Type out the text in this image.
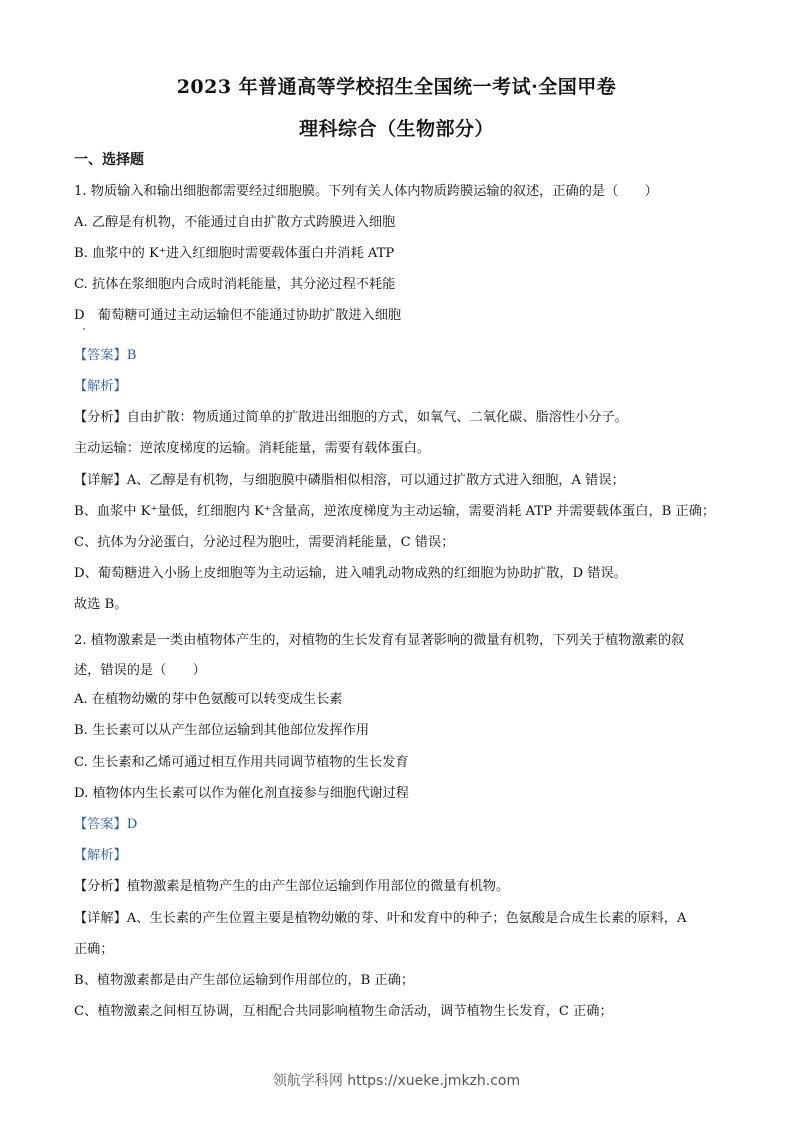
2023 年普通高等学校招生全国统一考试·全国甲卷
理科综合（生物部分）
一、选择题
1. 物质输入和输出细胞都需要经过细胞膜。下列有关人体内物质跨膜运输的叙述，正确的是（　　）
A. 乙醇是有机物，不能通过自由扩散方式跨膜进入细胞
B. 血浆中的 K⁺进入红细胞时需要载体蛋白并消耗 ATP
C. 抗体在浆细胞内合成时消耗能量，其分泌过程不耗能
D　葡萄糖可通过主动运输但不能通过协助扩散进入细胞
【答案】B
【解析】
【分析】自由扩散：物质通过简单的扩散进出细胞的方式，如氧气、二氧化碳、脂溶性小分子。
主动运输：逆浓度梯度的运输。消耗能量，需要有载体蛋白。
【详解】A、乙醇是有机物，与细胞膜中磷脂相似相溶，可以通过扩散方式进入细胞，A 错误；
B、血浆中 K⁺量低，红细胞内 K⁺含量高，逆浓度梯度为主动运输，需要消耗 ATP 并需要载体蛋白，B 正确；
C、抗体为分泌蛋白，分泌过程为胞吐，需要消耗能量，C 错误；
D、葡萄糖进入小肠上皮细胞等为主动运输，进入哺乳动物成熟的红细胞为协助扩散，D 错误。
故选 B。
2. 植物激素是一类由植物体产生的，对植物的生长发育有显著影响的微量有机物，下列关于植物激素的叙
述，错误的是（　　）
A. 在植物幼嫩的芽中色氨酸可以转变成生长素
B. 生长素可以从产生部位运输到其他部位发挥作用
C. 生长素和乙烯可通过相互作用共同调节植物的生长发育
D. 植物体内生长素可以作为催化剂直接参与细胞代谢过程
【答案】D
【解析】
【分析】植物激素是植物产生的由产生部位运输到作用部位的微量有机物。
【详解】A、生长素的产生位置主要是植物幼嫩的芽、叶和发育中的种子；色氨酸是合成生长素的原料，A
正确；
B、植物激素都是由产生部位运输到作用部位的，B 正确；
C、植物激素之间相互协调，互相配合共同影响植物生命活动，调节植物生长发育，C 正确；
领航学科网 https://xueke.jmkzh.com
